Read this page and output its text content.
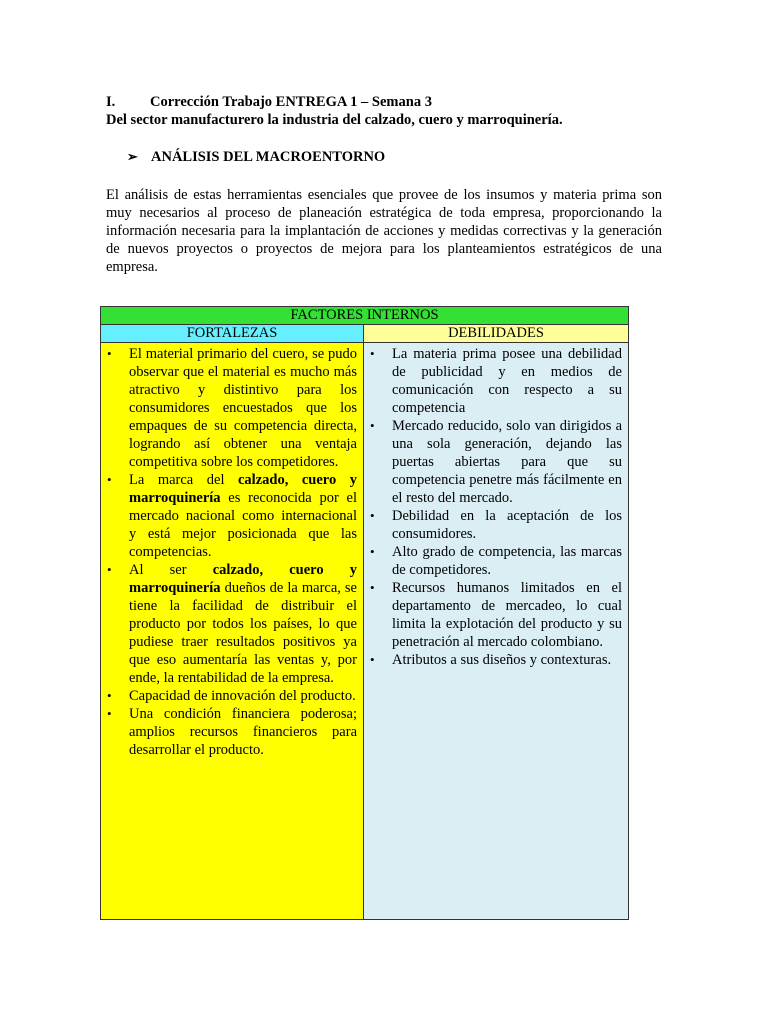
I. Corrección Trabajo ENTREGA 1 – Semana 3
Del sector manufacturero la industria del calzado, cuero y marroquinería.
➢ ANÁLISIS DEL MACROENTORNO

El análisis de estas herramientas esenciales que provee de los insumos y materia prima son muy necesarios al proceso de planeación estratégica de toda empresa, proporcionando la información necesaria para la implantación de acciones y medidas correctivas y la generación de nuevos proyectos o proyectos de mejora para los planteamientos estratégicos de una empresa.

FACTORES INTERNOS
FORTALEZAS	DEBILIDADES
• El material primario del cuero, se pudo observar que el material es mucho más atractivo y distintivo para los consumidores encuestados que los empaques de su competencia directa, logrando así obtener una ventaja competitiva sobre los competidores.
• La marca del calzado, cuero y marroquinería es reconocida por el mercado nacional como internacional y está mejor posicionada que las competencias.
• Al ser calzado, cuero y marroquinería dueños de la marca, se tiene la facilidad de distribuir el producto por todos los países, lo que pudiese traer resultados positivos ya que eso aumentaría las ventas y, por ende, la rentabilidad de la empresa.
• Capacidad de innovación del producto.
• Una condición financiera poderosa; amplios recursos financieros para desarrollar el producto.
• La materia prima posee una debilidad de publicidad y en medios de comunicación con respecto a su competencia
• Mercado reducido, solo van dirigidos a una sola generación, dejando las puertas abiertas para que su competencia penetre más fácilmente en el resto del mercado.
• Debilidad en la aceptación de los consumidores.
• Alto grado de competencia, las marcas de competidores.
• Recursos humanos limitados en el departamento de mercadeo, lo cual limita la explotación del producto y su penetración al mercado colombiano.
• Atributos a sus diseños y contexturas.
